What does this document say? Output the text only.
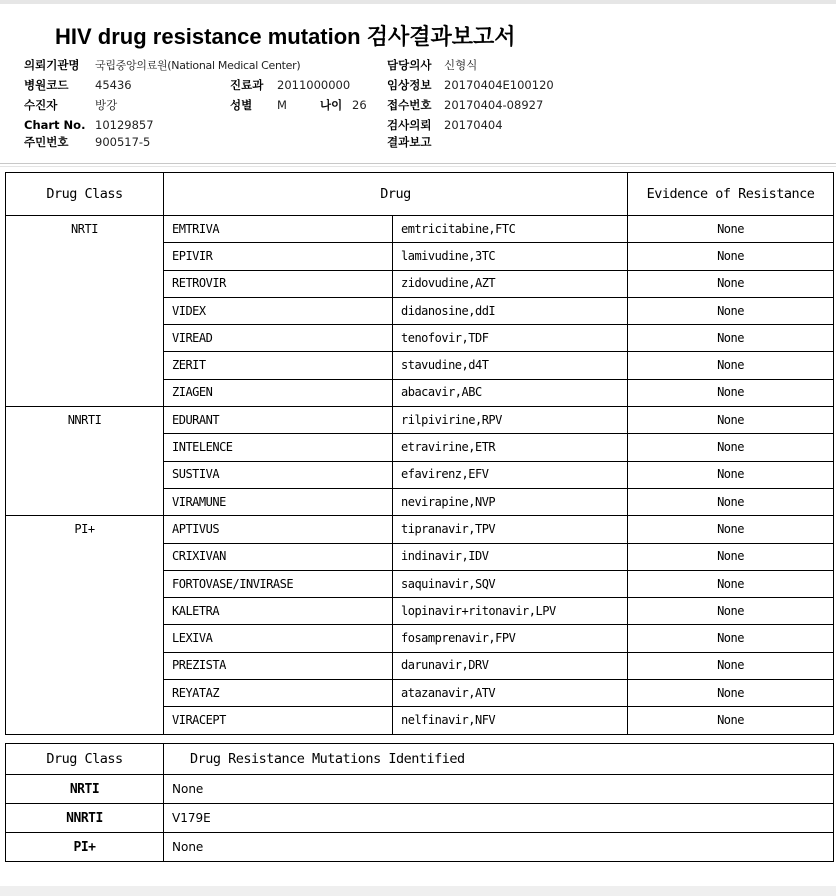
HIV drug resistance mutation 검사결과보고서
의뢰기관명 국립중앙의료원(National Medical Center)
병원코드 45436
수진자	방강
Chart No. 10129857
주민번호 900517-5
진료과 2011000000
성별 M	나이 26
담당의사 신형식
임상정보 20170404E100120
접수번호 20170404-08927
검사의뢰 20170404
결과보고
Drug Class	Drug		Evidence of Resistance
NRTI	EMTRIVA	emtricitabine,FTC	None
	EPIVIR	lamivudine,3TC	None
	RETROVIR	zidovudine,AZT	None
	VIDEX	didanosine,ddI	None
	VIREAD	tenofovir,TDF	None
	ZERIT	stavudine,d4T	None
	ZIAGEN	abacavir,ABC	None
NNRTI	EDURANT	rilpivirine,RPV	None
	INTELENCE	etravirine,ETR	None
	SUSTIVA	efavirenz,EFV	None
	VIRAMUNE	nevirapine,NVP	None
PI+	APTIVUS	tipranavir,TPV	None
	CRIXIVAN	indinavir,IDV	None
	FORTOVASE/INVIRASE	saquinavir,SQV	None
	KALETRA	lopinavir+ritonavir,LPV	None
	LEXIVA	fosamprenavir,FPV	None
	PREZISTA	darunavir,DRV	None
	REYATAZ	atazanavir,ATV	None
	VIRACEPT	nelfinavir,NFV	None
Drug Class	Drug Resistance Mutations Identified
NRTI	None
NNRTI	V179E
PI+	None
